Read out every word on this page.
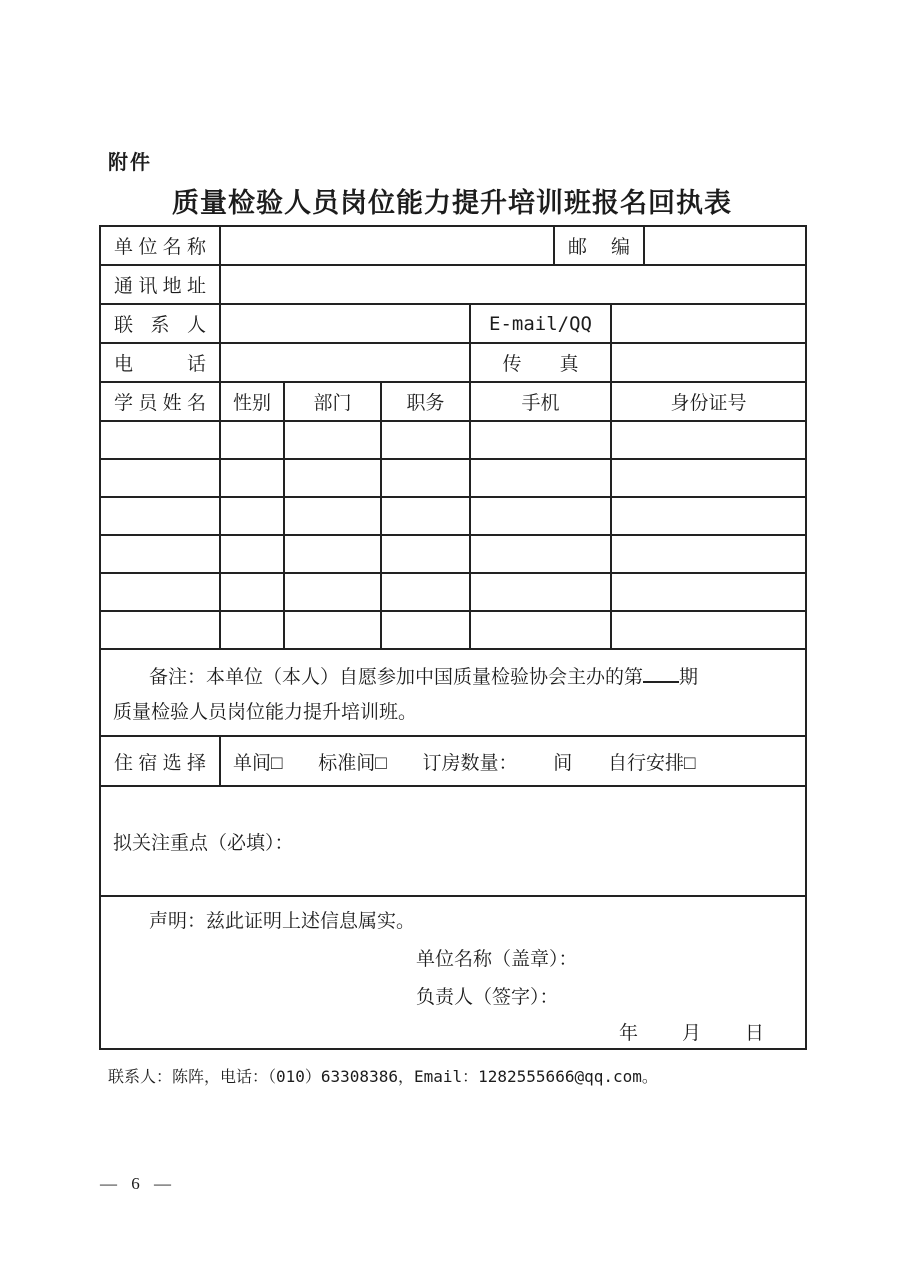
附件
质量检验人员岗位能力提升培训班报名回执表
单位名称					邮编		
通讯地址							
联系人				E-mail/QQ			
电话				传　　真			
学员姓名	性别	部门	职务	手机		身份证号	

备注：本单位（本人）自愿参加中国质量检验协会主办的第 期
质量检验人员岗位能力提升培训班。							

住宿选择	单间□ 标准间□ 订房数量： 间 自行安排□						
拟关注重点（必填）：							

声明：兹此证明上述信息属实。
单位名称（盖章）：
负责人（签字）：
年　　月　　日							
联系人：陈阵，电话：（010）63308386，Email：1282555666@qq.com。
— 6 —
